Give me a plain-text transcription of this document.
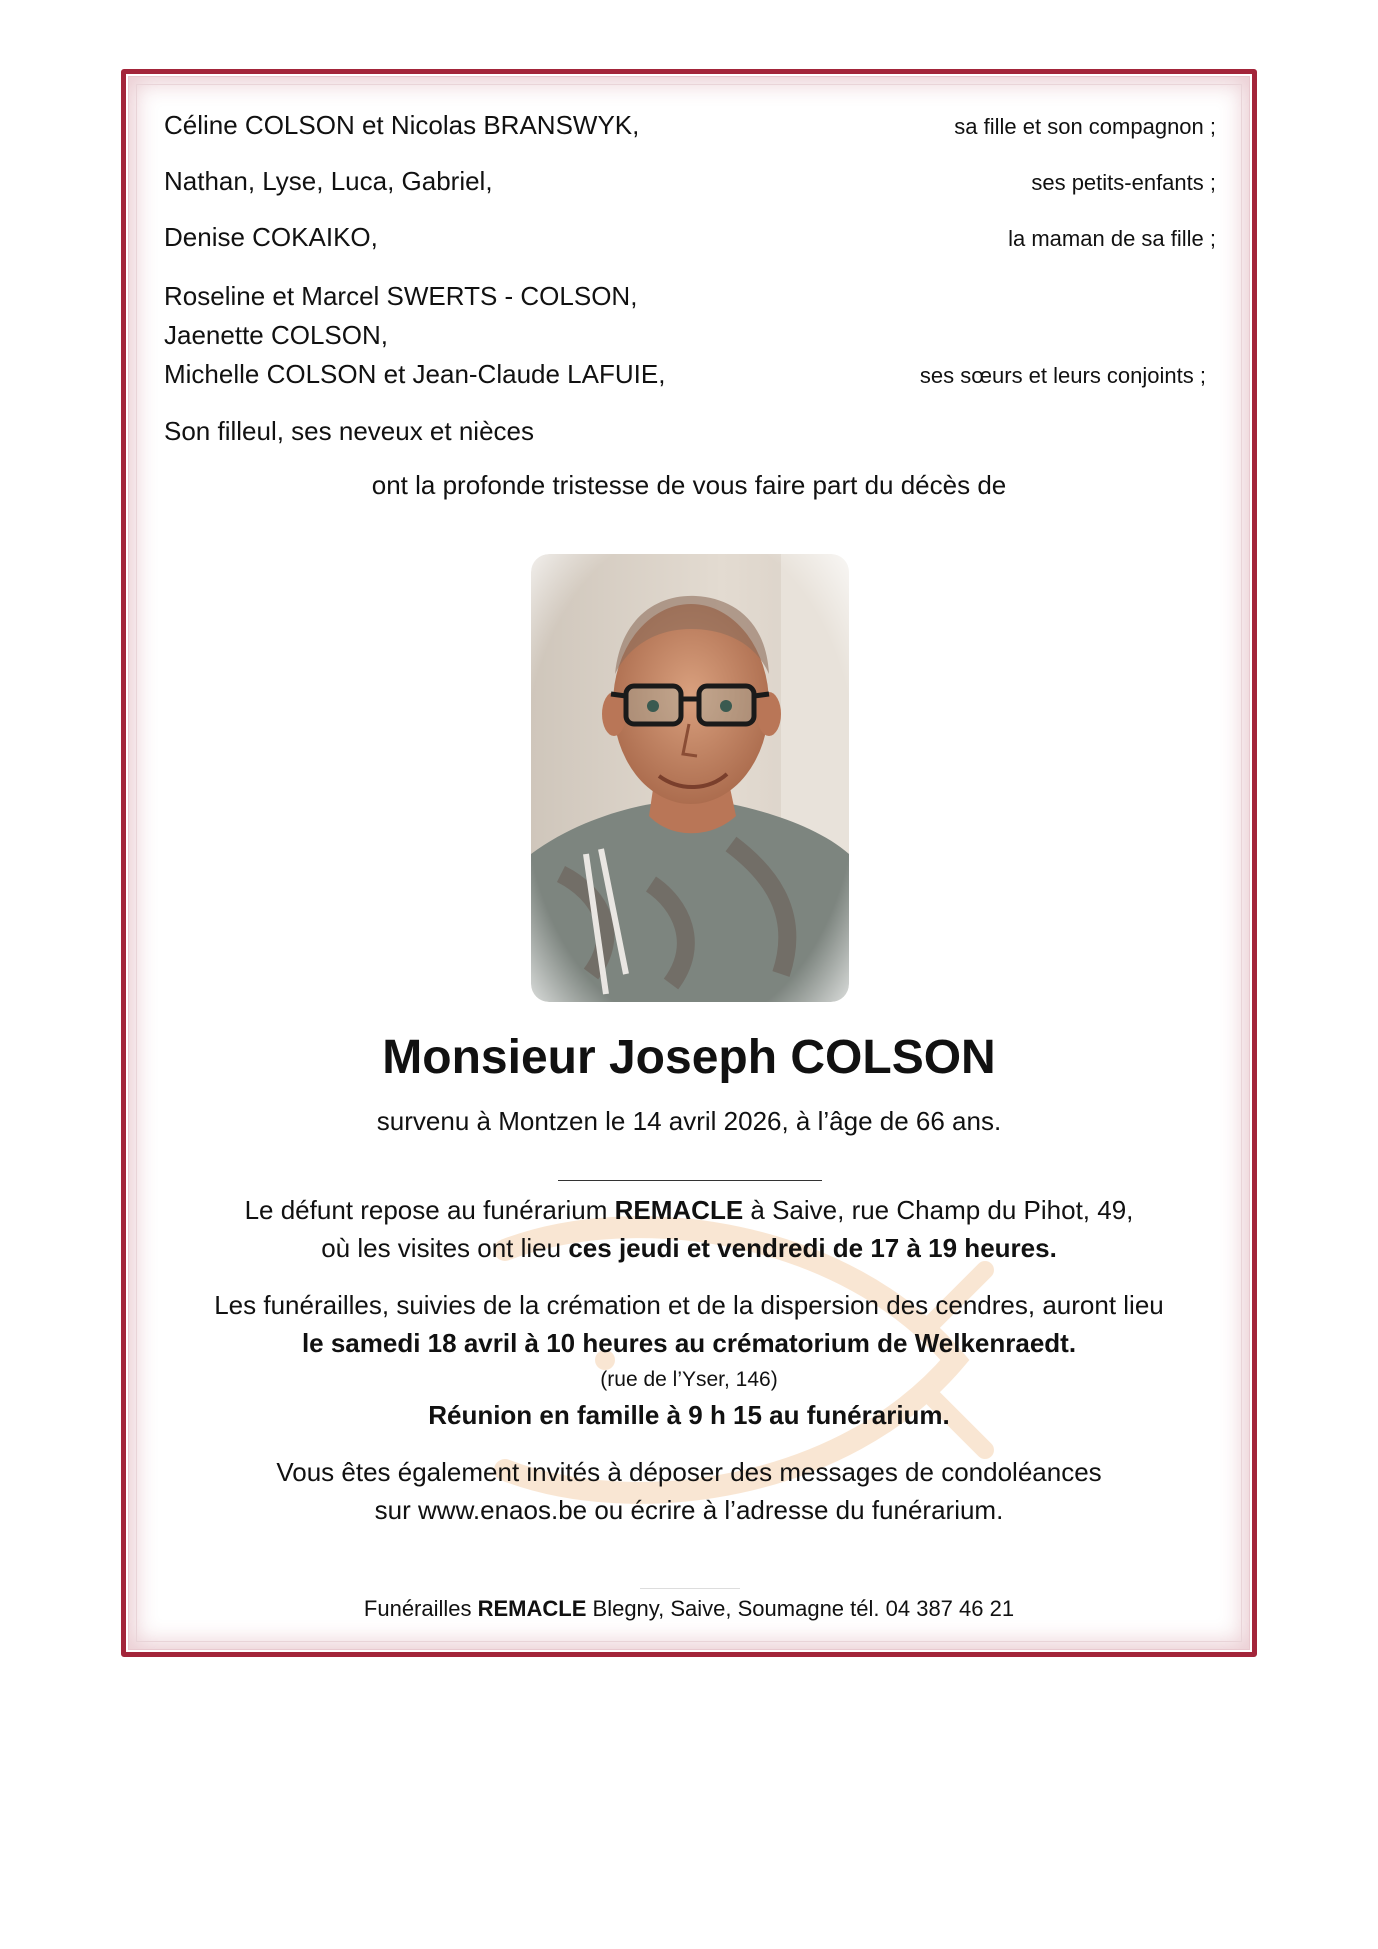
Céline COLSON et Nicolas BRANSWYK,	sa fille et son compagnon ;
Nathan, Lyse, Luca, Gabriel,	ses petits-enfants ;
Denise COKAIKO,	la maman de sa fille ;
Roseline et Marcel SWERTS - COLSON,
Jaenette COLSON,
Michelle COLSON et Jean-Claude LAFUIE,	ses sœurs et leurs conjoints ;
Son filleul, ses neveux et nièces
ont la profonde tristesse de vous faire part du décès de
Monsieur Joseph COLSON
survenu à Montzen le 14 avril 2026, à l’âge de 66 ans.
Le défunt repose au funérarium REMACLE à Saive, rue Champ du Pihot, 49,
où les visites ont lieu ces jeudi et vendredi de 17 à 19 heures.
Les funérailles, suivies de la crémation et de la dispersion des cendres, auront lieu
le samedi 18 avril à 10 heures au crématorium de Welkenraedt.
(rue de l’Yser, 146)
Réunion en famille à 9 h 15 au funérarium.
Vous êtes également invités à déposer des messages de condoléances
sur www.enaos.be ou écrire à l’adresse du funérarium.
Funérailles REMACLE Blegny, Saive, Soumagne tél. 04 387 46 21
